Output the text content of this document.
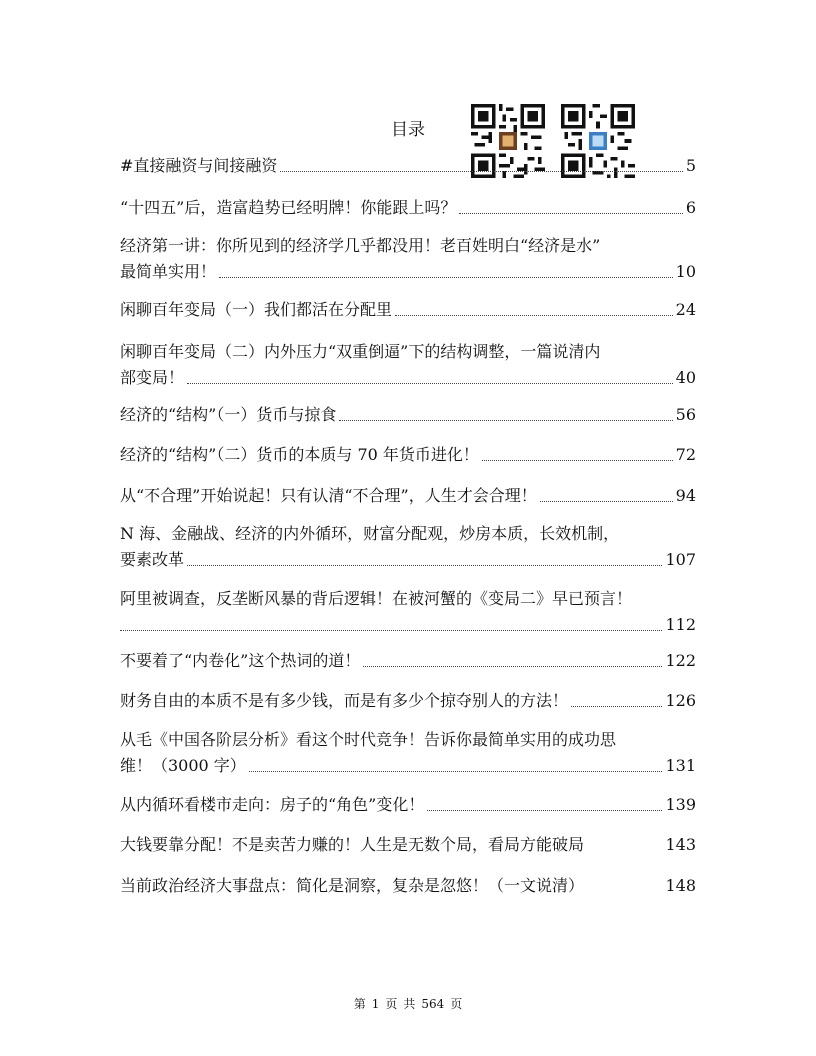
目录
#直接融资与间接融资	5
“十四五”后，造富趋势已经明牌！你能跟上吗？	6
经济第一讲：你所见到的经济学几乎都没用！老百姓明白“经济是水”
最简单实用！	10
闲聊百年变局（一）我们都活在分配里	24
闲聊百年变局（二）内外压力“双重倒逼”下的结构调整，一篇说清内
部变局！	40
经济的“结构”（一）货币与掠食	56
经济的“结构”（二）货币的本质与 70 年货币进化！	72
从“不合理”开始说起！只有认清“不合理”，人生才会合理！	94
N 海、金融战、经济的内外循环，财富分配观，炒房本质，长效机制，
要素改革	107
阿里被调查，反垄断风暴的背后逻辑！在被河蟹的《变局二》早已预言！
112
不要着了“内卷化”这个热词的道！	122
财务自由的本质不是有多少钱，而是有多少个掠夺别人的方法！	126
从毛《中国各阶层分析》看这个时代竞争！告诉你最简单实用的成功思
维！（3000 字）	131
从内循环看楼市走向：房子的“角色”变化！	139
大钱要靠分配！不是卖苦力赚的！人生是无数个局，看局方能破局	143
当前政治经济大事盘点：简化是洞察，复杂是忽悠！（一文说清）	148
第 1 页 共 564 页
